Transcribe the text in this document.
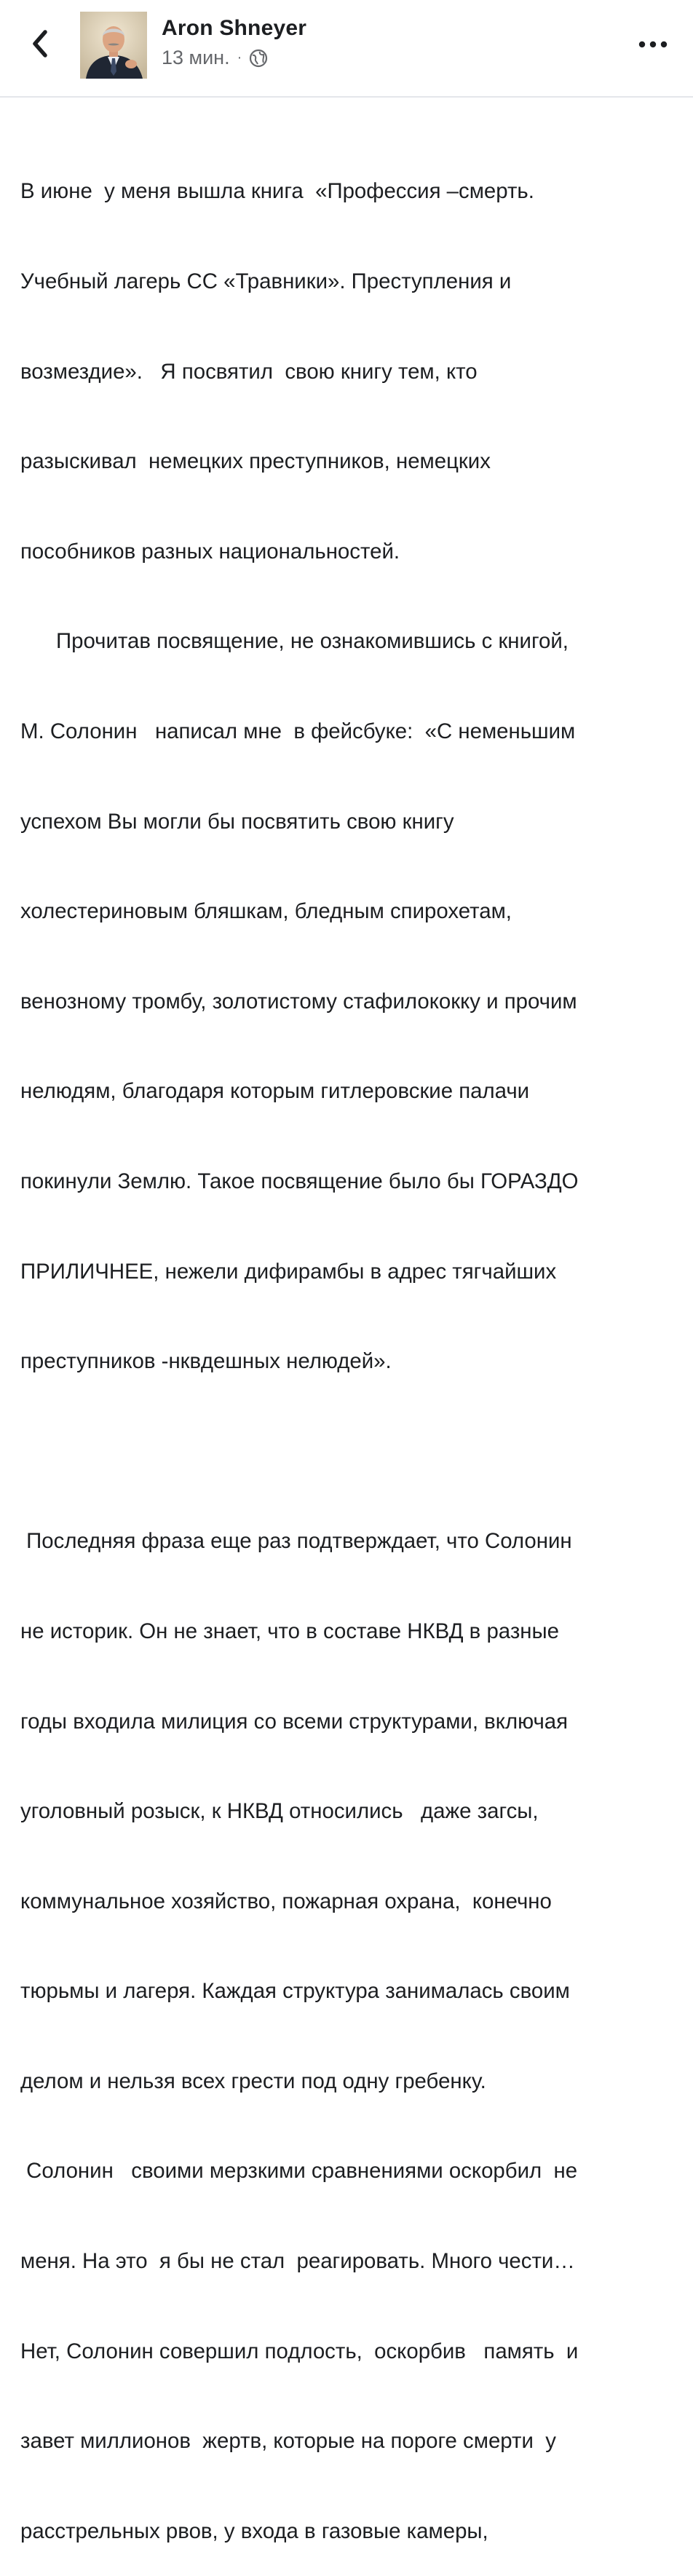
Aron Shneyer
13 мин. ·

В июне  у меня вышла книга  «Профессия –смерть.

Учебный лагерь СС «Травники». Преступления и

возмездие».   Я посвятил  свою книгу тем, кто

разыскивал  немецких преступников, немецких

пособников разных национальностей.

Прочитав посвящение, не ознакомившись с книгой,

М. Солонин   написал мне  в фейсбуке:  «С неменьшим

успехом Вы могли бы посвятить свою книгу

холестериновым бляшкам, бледным спирохетам,

венозному тромбу, золотистому стафилококку и прочим

нелюдям, благодаря которым гитлеровские палачи

покинули Землю. Такое посвящение было бы ГОРАЗДО

ПРИЛИЧНЕЕ, нежели дифирамбы в адрес тягчайших

преступников -нквдешных нелюдей».

Последняя фраза еще раз подтверждает, что Солонин

не историк. Он не знает, что в составе НКВД в разные

годы входила милиция со всеми структурами, включая

уголовный розыск, к НКВД относились   даже загсы,

коммунальное хозяйство, пожарная охрана,  конечно

тюрьмы и лагеря. Каждая структура занималась своим

делом и нельзя всех грести под одну гребенку.

Солонин   своими мерзкими сравнениями оскорбил  не

меня. На это  я бы не стал  реагировать. Много чести…

Нет, Солонин совершил подлость,  оскорбив   память  и

завет миллионов  жертв, которые на пороге смерти  у

расстрельных рвов, у входа в газовые камеры,
